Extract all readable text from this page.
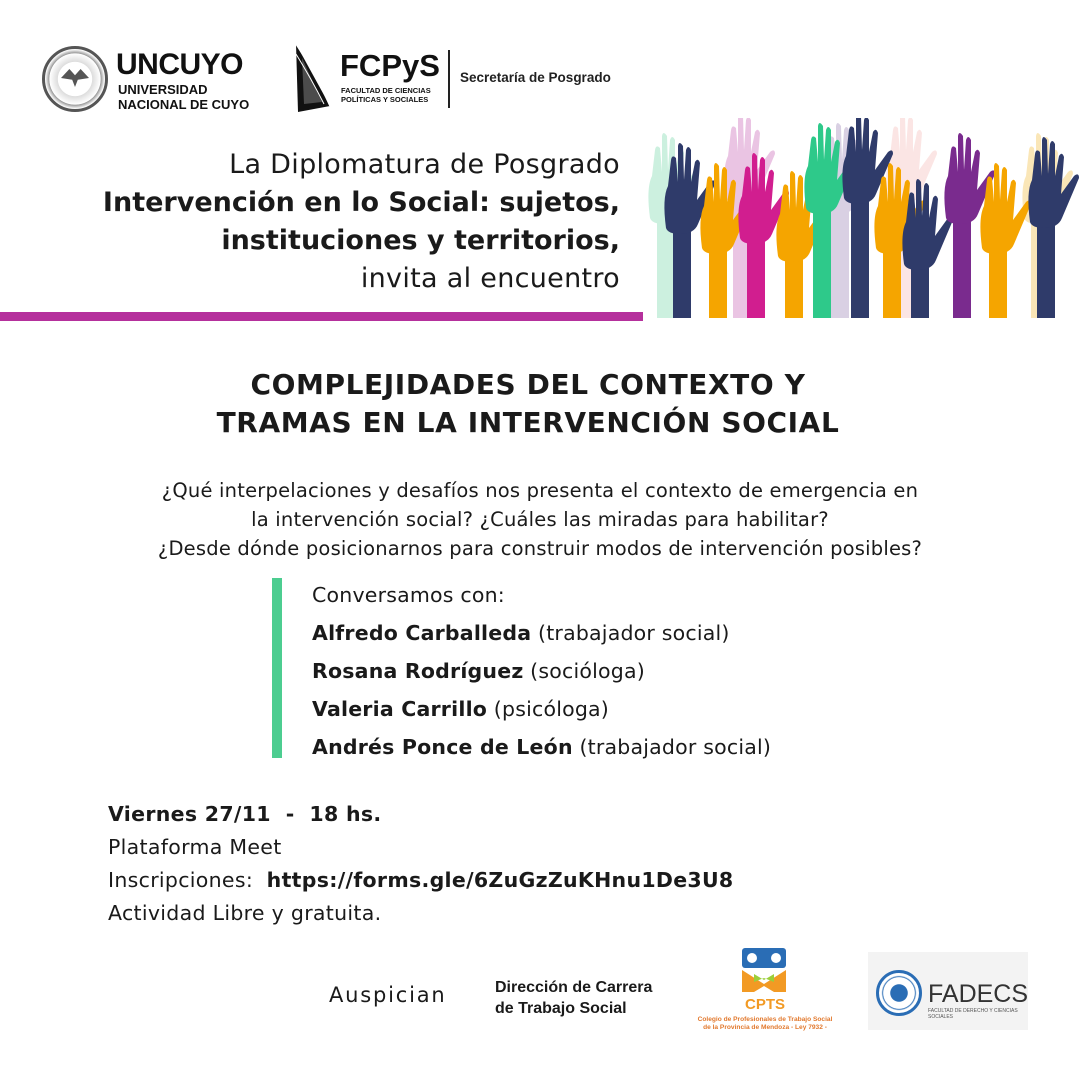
UNCUYO
UNIVERSIDAD
NACIONAL DE CUYO
FCPyS
FACULTAD DE CIENCIAS
POLÍTICAS Y SOCIALES
Secretaría de Posgrado
La Diplomatura de Posgrado
Intervención en lo Social: sujetos,
instituciones y territorios,
invita al encuentro
COMPLEJIDADES DEL CONTEXTO Y
TRAMAS EN LA INTERVENCIÓN SOCIAL
¿Qué interpelaciones y desafíos nos presenta el contexto de emergencia en
la intervención social? ¿Cuáles las miradas para habilitar?
¿Desde dónde posicionarnos para construir modos de intervención posibles?
Conversamos con:
Alfredo Carballeda (trabajador social)
Rosana Rodríguez (socióloga)
Valeria Carrillo (psicóloga)
Andrés Ponce de León (trabajador social)
Viernes 27/11  -  18 hs.
Plataforma Meet
Inscripciones: https://forms.gle/6ZuGzZuKHnu1De3U8
Actividad Libre y gratuita.
Auspician	Dirección de Carrera
de Trabajo Social	CPTS
Colegio de Profesionales de Trabajo Social
de la Provincia de Mendoza - Ley 7932 -
FADECS
FACULTAD DE DERECHO Y CIENCIAS SOCIALES
